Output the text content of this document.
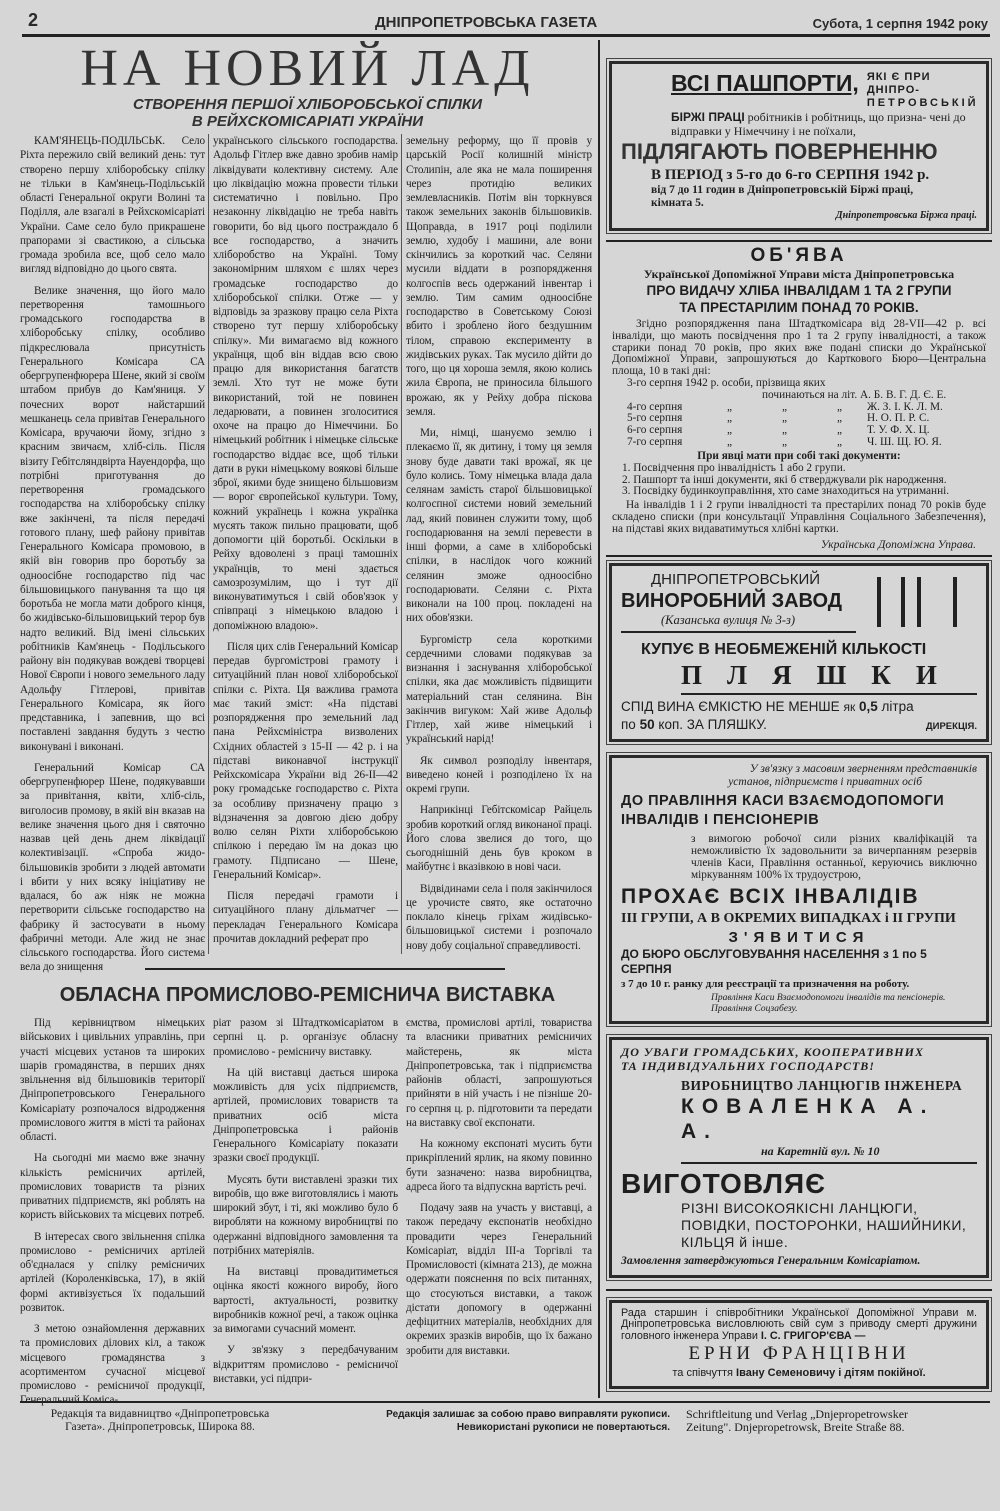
2	ДНІПРОПЕТРОВСЬКА ГАЗЕТА	Субота, 1 серпня 1942 року
НА НОВИЙ ЛАД
СТВОРЕННЯ ПЕРШОЇ ХЛІБОРОБСЬКОЇ СПІЛКИ
В РЕЙХСКОМІСАРІАТІ УКРАЇНИ

КАМ'ЯНЕЦЬ-ПОДІЛЬСЬК. Село Ріхта пережило свій великий день: тут створено першу хліборобську спілку не тільки в Кам'янець-Подільській області Генеральної округи Волині та Поділля, але взагалі в Рейхскомісаріаті України. Саме село було прикрашене прапорами зі свастикою, а сільська громада зробила все, щоб село мало вигляд відповідно до цього свята.

Велике значення, що його мало перетворення тамошнього громадського господарства в хліборобську спілку, особливо підкреслювала присутність Генерального Комісара СА обергрупенфюрера Шене, який зі своїм штабом прибув до Кам'яниця. У почесних ворот найстарший мешканець села привітав Генерального Комісара, вручаючи йому, згідно з красним звичаєм, хліб-сіль. Після візиту Гебітсляндвірта Науендорфа, що потрібні приготування до перетворення громадського господарства на хліборобську спілку вже закінчені, та після передачі готового плану, шеф району привітав Генерального Комісара промовою, в якій він говорив про боротьбу за одноосібне господарство під час більшовицького панування та що ця боротьба не могла мати доброго кінця, бо жидівсько-більшовицький терор був надто великий. Від імені сільських робітників Кам'янець - Подільського району він подякував вождеві творцеві Нової Європи і нового земельного ладу Адольфу Гітлерові, привітав Генерального Комісара, як його представника, і запевнив, що всі поставлені завдання будуть з честю виконувані і виконані.

Генеральний Комісар СА обергрупенфюрер Шене, подякувавши за привітання, квіти, хліб-сіль, виголосив промову, в якій він вказав на велике значення цього дня і святочно назвав цей день днем ліквідації колективізації. «Спроба жидо-більшовиків зробити з людей автомати і вбити у них всяку ініціативу не вдалася, бо аж ніяк не можна перетворити сільське господарство на фабрику й застосувати в ньому фабричні методи. Але жид не знає сільського господарства. Його система вела до знищення

українського сільського господарства. Адольф Гітлер вже давно зробив намір ліквідувати колективну систему. Але цю ліквідацію можна провести тільки систематично і повільно. Про незаконну ліквідацію не треба навіть говорити, бо від цього постраждало б все господарство, а значить хліборобство на Україні. Тому закономірним шляхом є шлях через громадське господарство до хліборобської спілки. Отже — у відповідь за зразкову працю села Ріхта створено тут першу хліборобську спілку». Ми вимагаємо від кожного українця, щоб він віддав всю свою працю для використання багатств землі. Хто тут не може бути використаний, той не повинен ледарювати, а повинен зголоситися охоче на працю до Німеччини. Бо німецький робітник і німецьке сільське господарство віддає все, щоб тільки дати в руки німецькому воякові більше зброї, якими буде знищено більшовизм — ворог європейської культури. Тому, кожний українець і кожна українка мусять також пильно працювати, щоб допомогти цій боротьбі. Оскільки в Рейху вдоволені з праці тамошніх українців, то мені здається самозрозумілим, що і тут дії виконуватимуться і свій обов'язок у співпраці з німецькою владою і допоміжною владою».

Після цих слів Генеральний Комісар передав бургомістрові грамоту і ситуаційний план нової хліборобської спілки с. Ріхта. Ця важлива грамота має такий зміст: «На підставі розпорядження про земельний лад пана Рейхсміністра визволених Східних областей з 15-II — 42 р. і на підставі виконавчої інструкції Рейхскомісара України від 26-II—42 року громадське господарство с. Ріхта за особливу призначену працю з відзначення за довгою дією добру волю селян Ріхти хліборобською спілкою і передаю їм на доказ цю грамоту. Підписано — Шене, Генеральний Комісар».

Після передачі грамоти і ситуаційного плану дільматчег — перекладач Генерального Комісара прочитав докладний реферат про

земельну реформу, що її провів у царській Росії колишній міністр Столипін, але яка не мала поширення через протидію великих землевласників. Потім він торкнувся також земельних законів більшовиків. Щоправда, в 1917 році поділили землю, худобу і машини, але вони скінчились за короткий час. Селяни мусили віддати в розпорядження колгоспів весь одержаний інвентар і землю. Тим самим одноосібне господарство в Советському Союзі вбито і зроблено його бездушним тілом, справою експерименту в жидівських руках. Так мусило дійти до того, що ця хороша земля, якою колись жила Європа, не приносила більшого врожаю, як у Рейху добра піскова земля.

Ми, німці, шануємо землю і плекаємо її, як дитину, і тому ця земля знову буде давати такі врожаї, як це було колись. Тому німецька влада дала селянам замість старої більшовицької колгоспної системи новий земельний лад, який повинен служити тому, щоб господарювання на землі перевести в інші форми, а саме в хліборобські спілки, в наслідок чого кожний селянин зможе одноосібно господарювати. Селяни с. Ріхта виконали на 100 проц. покладені на них обов'язки.

Бургомістр села короткими сердечними словами подякував за визнання і заснування хліборобської спілки, яка дає можливість підвищити матеріальний стан селянина. Він закінчив вигуком: Хай живе Адольф Гітлер, хай живе німецький і український нарід!

Як символ розподілу інвентаря, виведено коней і розподілено їх на окремі групи.

Наприкінці Гебітскомісар Райцель зробив короткий огляд виконаної праці. Його слова звелися до того, що сьогоднішній день був кроком в майбутнє і вказівкою в нові часи.

Відвідинами села і поля закінчилося це урочисте свято, яке остаточно поклало кінець гріхам жидівсько-більшовицької системи і розпочало нову добу соціальної справедливості.

ОБЛАСНА ПРОМИСЛОВО-РЕМІСНИЧА ВИСТАВКА

Під керівництвом німецьких військових і цивільних управлінь, при участі місцевих установ та широких шарів громадянства, в перших днях звільнення від більшовиків території Дніпропетровського Генерального Комісаріату розпочалося відродження промислового життя в місті та районах області.

На сьогодні ми маємо вже значну кількість ремісничих артілей, промислових товариств та різних приватних підприємств, які роблять на користь військових та місцевих потреб.

В інтересах свого звільнення спілка промислово - ремісничих артілей об'єдналася у спілку ремісничих артілей (Короленківська, 17), в якій формі активізується їх подальший розвиток.

З метою ознайомлення державних та промислових ділових кіл, а також місцевого громадянства з асортиментом сучасної місцевої промислово - ремісничої продукції,

ріат разом зі Штадткомісаріатом в серпні ц. р. організує обласну промислово - ремісничу виставку.

На цій виставці дається широка можливість для усіх підприємств, артілей, промислових товариств та приватних осіб міста Дніпропетровська і районів Генерального Комісаріату показати зразки своєї продукції.

Мусять бути виставлені зразки тих виробів, що вже виготовлялись і мають широкий збут, і ті, які можливо було б виробляти на кожному виробництві по одержанні відповідного замовлення та потрібних матеріялів.

На виставці провадитиметься оцінка якості кожного виробу, його вартості, актуальності, розвитку виробників кожної речі, а також оцінка за вимогами сучасний момент.

У зв'язку з передбачуваним відкриттям промислово - ремісничої виставки, усі підпри-

ємства, промислові артілі, товариства та власники приватних ремісничих майстерень, як міста Дніпропетровська, так і підприємства районів області, запрошуються прийняти в ній участь і не пізніше 20-го серпня ц. р. підготовити та передати на виставку свої експонати.

На кожному експонаті мусить бути прикріплений ярлик, на якому повинно бути зазначено: назва виробництва, адреса його та відпускна вартість речі.

Подачу заяв на участь у виставці, а також передачу експонатів необхідно провадити через Генеральний Комісаріат, відділ III-а Торгівлі та Промисловості (кімната 213), де можна одержати пояснення по всіх питаннях, що стосуються виставки, а також дістати допомогу в одержанні дефіцитних матеріалів, необхідних для окремих зразків виробів, що їх бажано зробити для виставки.

ВСІ ПАШПОРТИ, ЯКІ Є ПРИ ДНІПРО-
ПЕТРОВСЬКІЙ
БІРЖІ ПРАЦІ робітників і робітниць, що призна- чені до відправки у Німеччину і не поїхали,
ПІДЛЯГАЮТЬ ПОВЕРНЕННЮ
В ПЕРІОД з 5-го до 6-го СЕРПНЯ 1942 р.
від 7 до 11 годин в Дніпропетровській Біржі праці,
кімната 5.
Дніпропетровська Біржа праці.
ОБ'ЯВА
Української Допоміжної Управи міста Дніпропетровська
ПРО ВИДАЧУ ХЛІБА ІНВАЛІДАМ 1 ТА 2 ГРУПИ
ТА ПРЕСТАРІЛИМ ПОНАД 70 РОКІВ.
Згідно розпорядження пана Штадткомісара від 28-VII—42 р. всі інваліди, що мають посвідчення про 1 та 2 групу інвалідності, а також старики понад 70 років, про яких вже подані списки до Української Допоміжної Управи, запрошуються до Карткового Бюро—Центральна площа, 10 в такі дні:
3-го серпня 1942 р. особи, прізвища яких
починаються на літ. А. Б. В. Г. Д. Є. Е.
4-го серпня	„	„	„	Ж. З. І. К. Л. М.
5-го серпня	„	„	„	Н. О. П. Р. С.
6-го серпня	„	„	„	Т. У. Ф. Х. Ц.
7-го серпня	„	„	„	Ч. Ш. Щ. Ю. Я.
При явці мати при собі такі документи:
1. Посвідчення про інвалідність 1 або 2 групи.
2. Пашпорт та інші документи, які б стверджували рік народження.
3. Посвідку будинкоуправління, хто саме знаходиться на утриманні.
На інвалідів 1 і 2 групи інвалідності та престарілих понад 70 років буде складено списки (при консультації Управління Соціального Забезпечення), на підставі яких видаватимуться хлібні картки.
Українська Допоміжна Управа.
ДНІПРОПЕТРОВСЬКИЙ
ВИНОРОБНИЙ ЗАВОД
(Казанська вулиця № 3-з)
КУПУЄ В НЕОБМЕЖЕНІЙ КІЛЬКОСТІ
ПЛЯШКИ
СПІД ВИНА ЄМКІСТЮ НЕ МЕНШЕ як 0,5 літра
по 50 коп. ЗА ПЛЯШКУ.	ДИРЕКЦІЯ.
У зв'язку з масовим зверненням представників
установ, підприємств і приватних осіб
ДО ПРАВЛІННЯ КАСИ ВЗАЄМОДОПОМОГИ
ІНВАЛІДІВ І ПЕНСІОНЕРІВ
з вимогою робочої сили різних кваліфікацій та неможливістю їх задовольнити за вичерпанням резервів членів Каси, Правління останньої, керуючись виключно міркуванням 100% їх трудоустрою,
ПРОХАЄ ВСІХ ІНВАЛІДІВ
III ГРУПИ, А В ОКРЕМИХ ВИПАДКАХ і II ГРУПИ
З'ЯВИТИСЯ
ДО БЮРО ОБСЛУГОВУВАННЯ НАСЕЛЕННЯ з 1 по 5 СЕРПНЯ
з 7 до 10 г. ранку для реєстрації та призначення на роботу.
Правління Каси Взаємодопомоги інвалідів та пенсіонерів.
Правління Соцзабезу.
ДО УВАГИ ГРОМАДСЬКИХ, КООПЕРАТИВНИХ
ТА ІНДИВІДУАЛЬНИХ ГОСПОДАРСТВ!
ВИРОБНИЦТВО ЛАНЦЮГІВ ІНЖЕНЕРА
КОВАЛЕНКА А. А.
на Каретній вул. № 10
ВИГОТОВЛЯЄ
РІЗНІ ВИСОКОЯКІСНІ ЛАНЦЮГИ, ПОВІДКИ, ПОСТОРОНКИ, НАШИЙНИКИ, КІЛЬЦЯ й інше.
Замовлення затверджуються Генеральним Комісаріатом.
Рада старшин і співробітники Української Допоміжної Управи м. Дніпропетровська висловлюють свій сум з приводу смерті дружини головного інженера Управи І. С. ГРИГОР'ЄВА —
ЕРНИ ФРАНЦІВНИ
та співчуття Івану Семеновичу і дітям покійної.
Редакція та видавництво «Дніпропетровська
Газета». Дніпропетровськ, Широка 88.
Редакція залишає за собою право виправляти рукописи.
Невикористані рукописи не повертаються.
Schriftleitung und Verlag „Dnjepropetrowsker
Zeitung". Dnjepropetrowsk, Breite Straße 88.
